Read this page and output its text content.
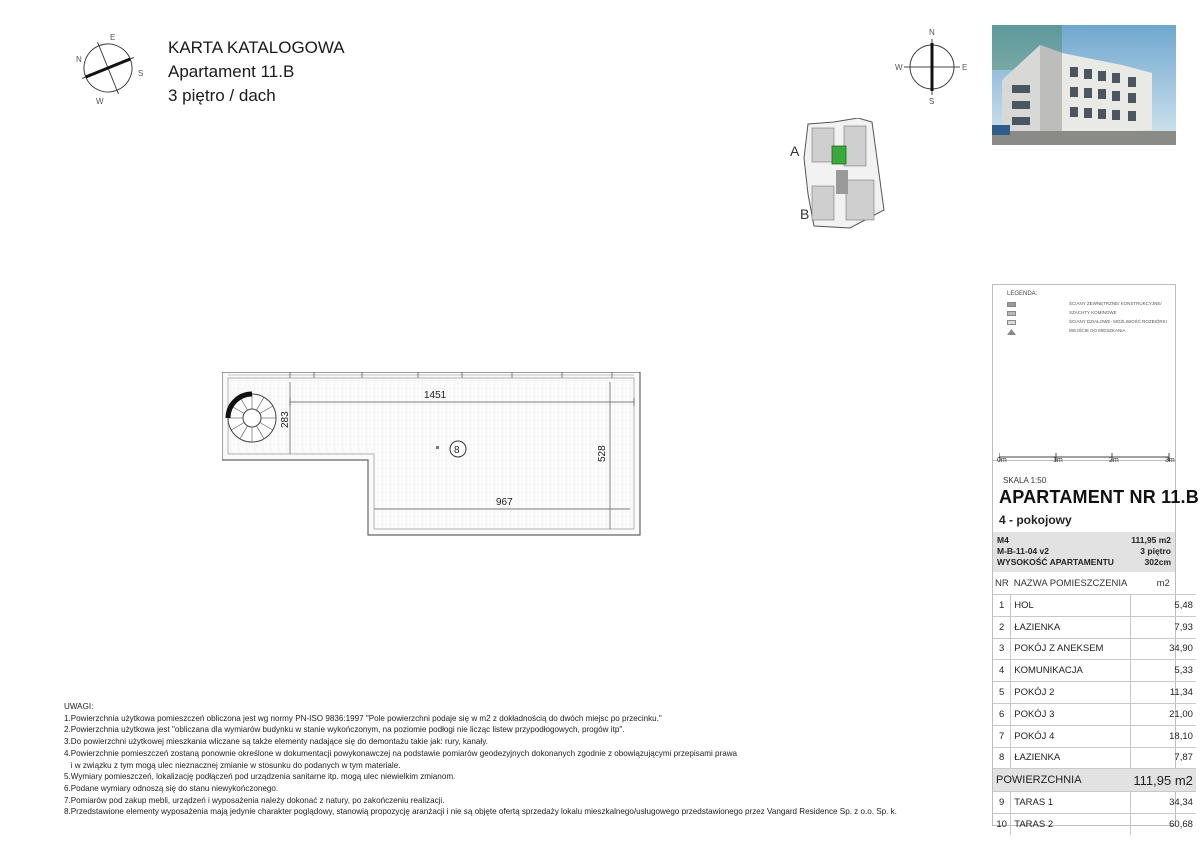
KARTA KATALOGOWA
Apartament 11.B
3 piętro / dach
N
E
S
W
N
E
S
W
A
B
1451
967
528
283
8
LEGENDA:
ŚCIANY ZEWNĘTRZNE/ KONSTRUKCYJNE/
SZACHTY KOMINOWE
ŚCIANY DZIAŁOWE- MOŻLIWOŚĆ ROZBIÓRKI
WEJŚCIE DO MIESZKANIA
0m	1m	2m	3m
SKALA 1:50
APARTAMENT NR 11.B
4 - pokojowy
M4	111,95 m2
M-B-11-04 v2	3 piętro
WYSOKOŚĆ APARTAMENTU	302cm
NR	NAZWA POMIESZCZENIA	m2
1	HOL	5,48
2	ŁAZIENKA	7,93
3	POKÓJ Z ANEKSEM	34,90
4	KOMUNIKACJA	5,33
5	POKÓJ 2	11,34
6	POKÓJ 3	21,00
7	POKÓJ 4	18,10
8	ŁAZIENKA	7,87
POWIERZCHNIA		111,95 m2
9	TARAS 1	34,34
10	TARAS 2	60,68
UWAGI:
1.Powierzchnia użytkowa pomieszczeń obliczona jest wg normy PN-ISO 9836:1997 "Pole powierzchni podaje się w m2 z dokładnością do dwóch miejsc po przecinku."
2.Powierzchnia użytkowa jest "obliczana dla wymiarów budynku w stanie wykończonym, na poziomie podłogi nie licząc listew przypodłogowych, progów itp".
3.Do powierzchni użytkowej mieszkania wliczane są także elementy nadające się do demontażu takie jak: rury, kanały.
4.Powierzchnie pomieszczeń zostaną ponownie określone w dokumentacji powykonawczej na podstawie pomiarów geodezyjnych dokonanych zgodnie z obowiązującymi przepisami prawa
i w związku z tym mogą ulec nieznacznej zmianie w stosunku do podanych w tym materiale.
5.Wymiary pomieszczeń, lokalizację podłączeń pod urządzenia sanitarne itp. mogą ulec niewielkim zmianom.
6.Podane wymiary odnoszą się do stanu niewykończonego.
7.Pomiarów pod zakup mebli, urządzeń i wyposażenia należy dokonać z natury, po zakończeniu realizacji.
8.Przedstawione elementy wyposażenia mają jedynie charakter poglądowy, stanowią propozycję aranżacji i nie są objęte ofertą sprzedaży lokalu mieszkalnego/usługowego przedstawionego przez Vangard Residence Sp. z o.o. Sp. k.
